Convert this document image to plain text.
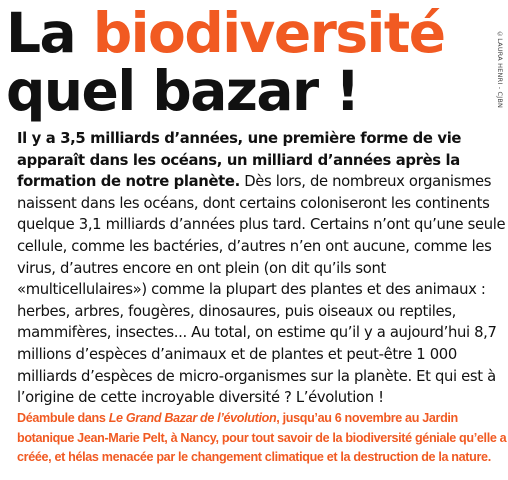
La biodiversité
quel bazar !	©LAURA HENRI - CJBN

Il y a 3,5 milliards d’années, une première forme de vie apparaît dans les océans, un milliard d’années après la formation de notre planète. Dès lors, de nombreux organismes naissent dans les océans, dont certains coloniseront les continents quelque 3,1 milliards d’années plus tard. Certains n’ont qu’une seule cellule, comme les bactéries, d’autres n’en ont aucune, comme les virus, d’autres encore en ont plein (on dit qu’ils sont «multicellulaires») comme la plupart des plantes et des animaux : herbes, arbres, fougères, dinosaures, puis oiseaux ou reptiles, mammifères, insectes... Au total, on estime qu’il y a aujourd’hui 8,7 millions d’espèces d’animaux et de plantes et peut-être 1 000 milliards d’espèces de micro-organismes sur la planète. Et qui est à l’origine de cette incroyable diversité ? L’évolution !

Déambule dans Le Grand Bazar de l’évolution, jusqu’au 6 novembre au Jardin botanique Jean-Marie Pelt, à Nancy, pour tout savoir de la biodiversité géniale qu’elle a créée, et hélas menacée par le changement climatique et la destruction de la nature.
